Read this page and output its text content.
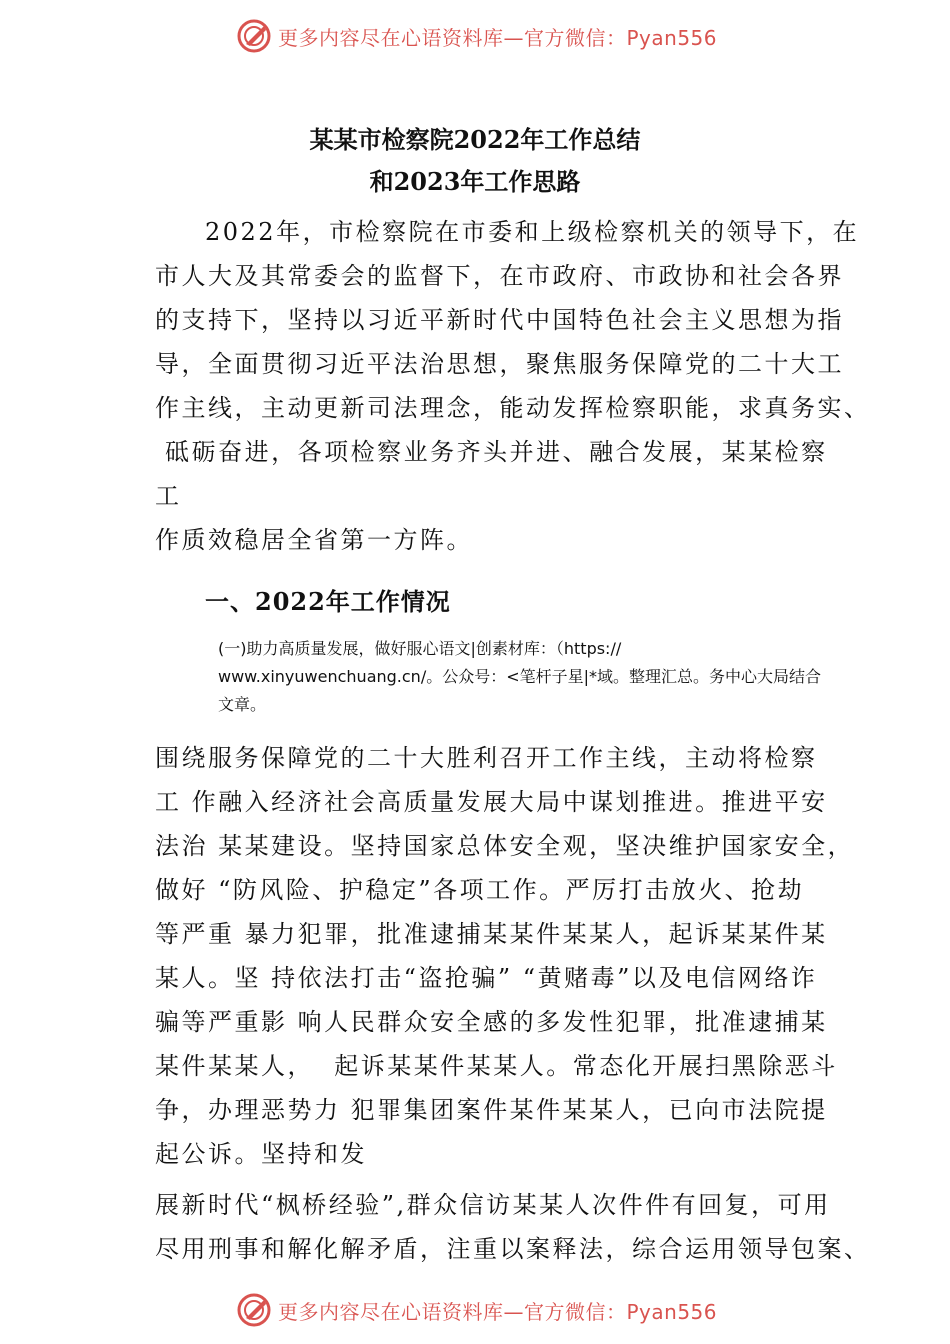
更多内容尽在心语资料库—官方微信：Pyan556
某某市检察院2022年工作总结
和2023年工作思路
2022年，市检察院在市委和上级检察机关的领导下，在
市人大及其常委会的监督下，在市政府、市政协和社会各界
的支持下，坚持以习近平新时代中国特色社会主义思想为指
导，全面贯彻习近平法治思想，聚焦服务保障党的二十大工
作主线，主动更新司法理念，能动发挥检察职能，求真务实、
砥砺奋进，各项检察业务齐头并进、融合发展，某某检察
工
作质效稳居全省第一方阵。
一、2022年工作情况
(一)助力高质量发展，做好服心语文|创素材库：（https://
www.xinyuwenchuang.cn/。公众号：<笔杆子星|*域。整理汇总。务中心大局结合
文章。
围绕服务保障党的二十大胜利召开工作主线，主动将检察
工 作融入经济社会高质量发展大局中谋划推进。推进平安
法治 某某建设。坚持国家总体安全观，坚决维护国家安全，
做好 “防风险、护稳定”各项工作。严厉打击放火、抢劫
等严重 暴力犯罪，批准逮捕某某件某某人，起诉某某件某
某人。坚 持依法打击“盗抢骗” “黄赌毒”以及电信网络诈
骗等严重影 响人民群众安全感的多发性犯罪，批准逮捕某
某件某某人，  起诉某某件某某人。常态化开展扫黑除恶斗
争，办理恶势力 犯罪集团案件某件某某人，已向市法院提
起公诉。坚持和发
展新时代“枫桥经验”,群众信访某某人次件件有回复，可用
尽用刑事和解化解矛盾，注重以案释法，综合运用领导包案、
更多内容尽在心语资料库—官方微信：Pyan556
